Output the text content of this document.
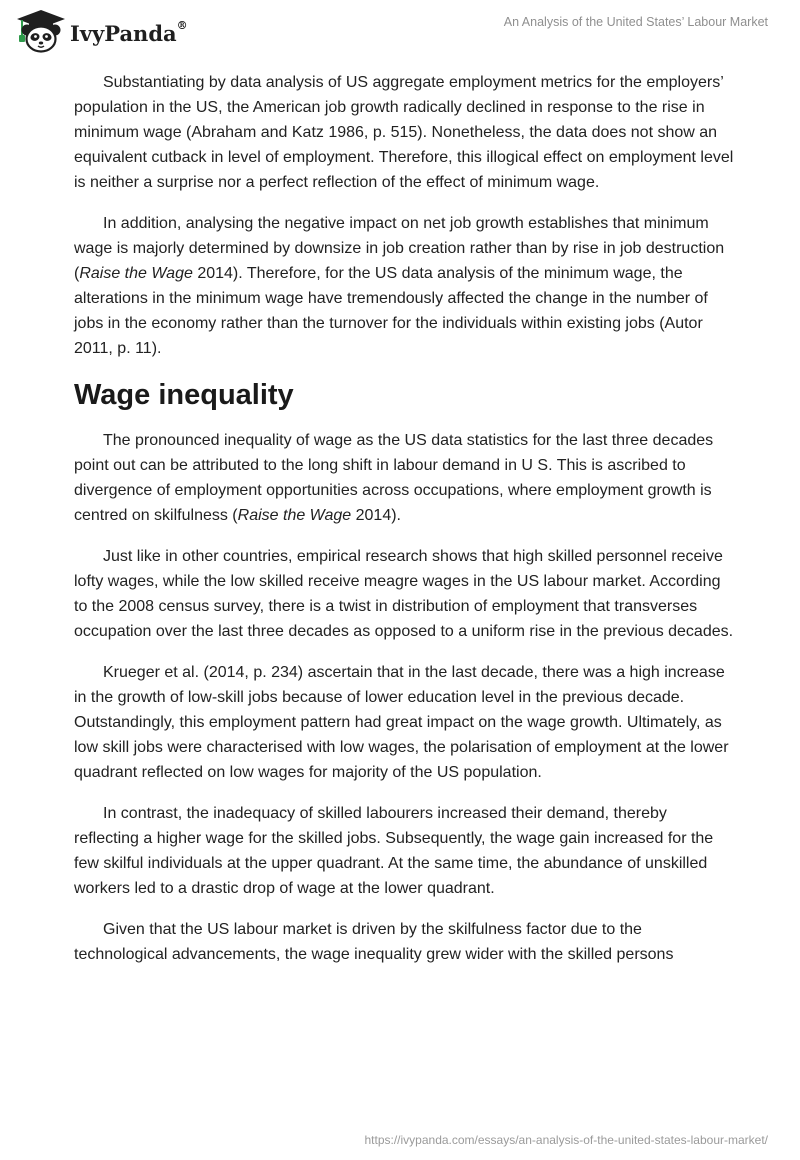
IvyPanda®	An Analysis of the United States’ Labour Market

Substantiating by data analysis of US aggregate employment metrics for the employers’ population in the US, the American job growth radically declined in response to the rise in minimum wage (Abraham and Katz 1986, p. 515). Nonetheless, the data does not show an equivalent cutback in level of employment. Therefore, this illogical effect on employment level is neither a surprise nor a perfect reflection of the effect of minimum wage.

In addition, analysing the negative impact on net job growth establishes that minimum wage is majorly determined by downsize in job creation rather than by rise in job destruction (Raise the Wage 2014). Therefore, for the US data analysis of the minimum wage, the alterations in the minimum wage have tremendously affected the change in the number of jobs in the economy rather than the turnover for the individuals within existing jobs (Autor 2011, p. 11).

Wage inequality

The pronounced inequality of wage as the US data statistics for the last three decades point out can be attributed to the long shift in labour demand in U S. This is ascribed to divergence of employment opportunities across occupations, where employment growth is centred on skilfulness (Raise the Wage 2014).

Just like in other countries, empirical research shows that high skilled personnel receive lofty wages, while the low skilled receive meagre wages in the US labour market. According to the 2008 census survey, there is a twist in distribution of employment that transverses occupation over the last three decades as opposed to a uniform rise in the previous decades.

Krueger et al. (2014, p. 234) ascertain that in the last decade, there was a high increase in the growth of low-skill jobs because of lower education level in the previous decade. Outstandingly, this employment pattern had great impact on the wage growth. Ultimately, as low skill jobs were characterised with low wages, the polarisation of employment at the lower quadrant reflected on low wages for majority of the US population.

In contrast, the inadequacy of skilled labourers increased their demand, thereby reflecting a higher wage for the skilled jobs. Subsequently, the wage gain increased for the few skilful individuals at the upper quadrant. At the same time, the abundance of unskilled workers led to a drastic drop of wage at the lower quadrant.

Given that the US labour market is driven by the skilfulness factor due to the technological advancements, the wage inequality grew wider with the skilled persons

https://ivypanda.com/essays/an-analysis-of-the-united-states-labour-market/
